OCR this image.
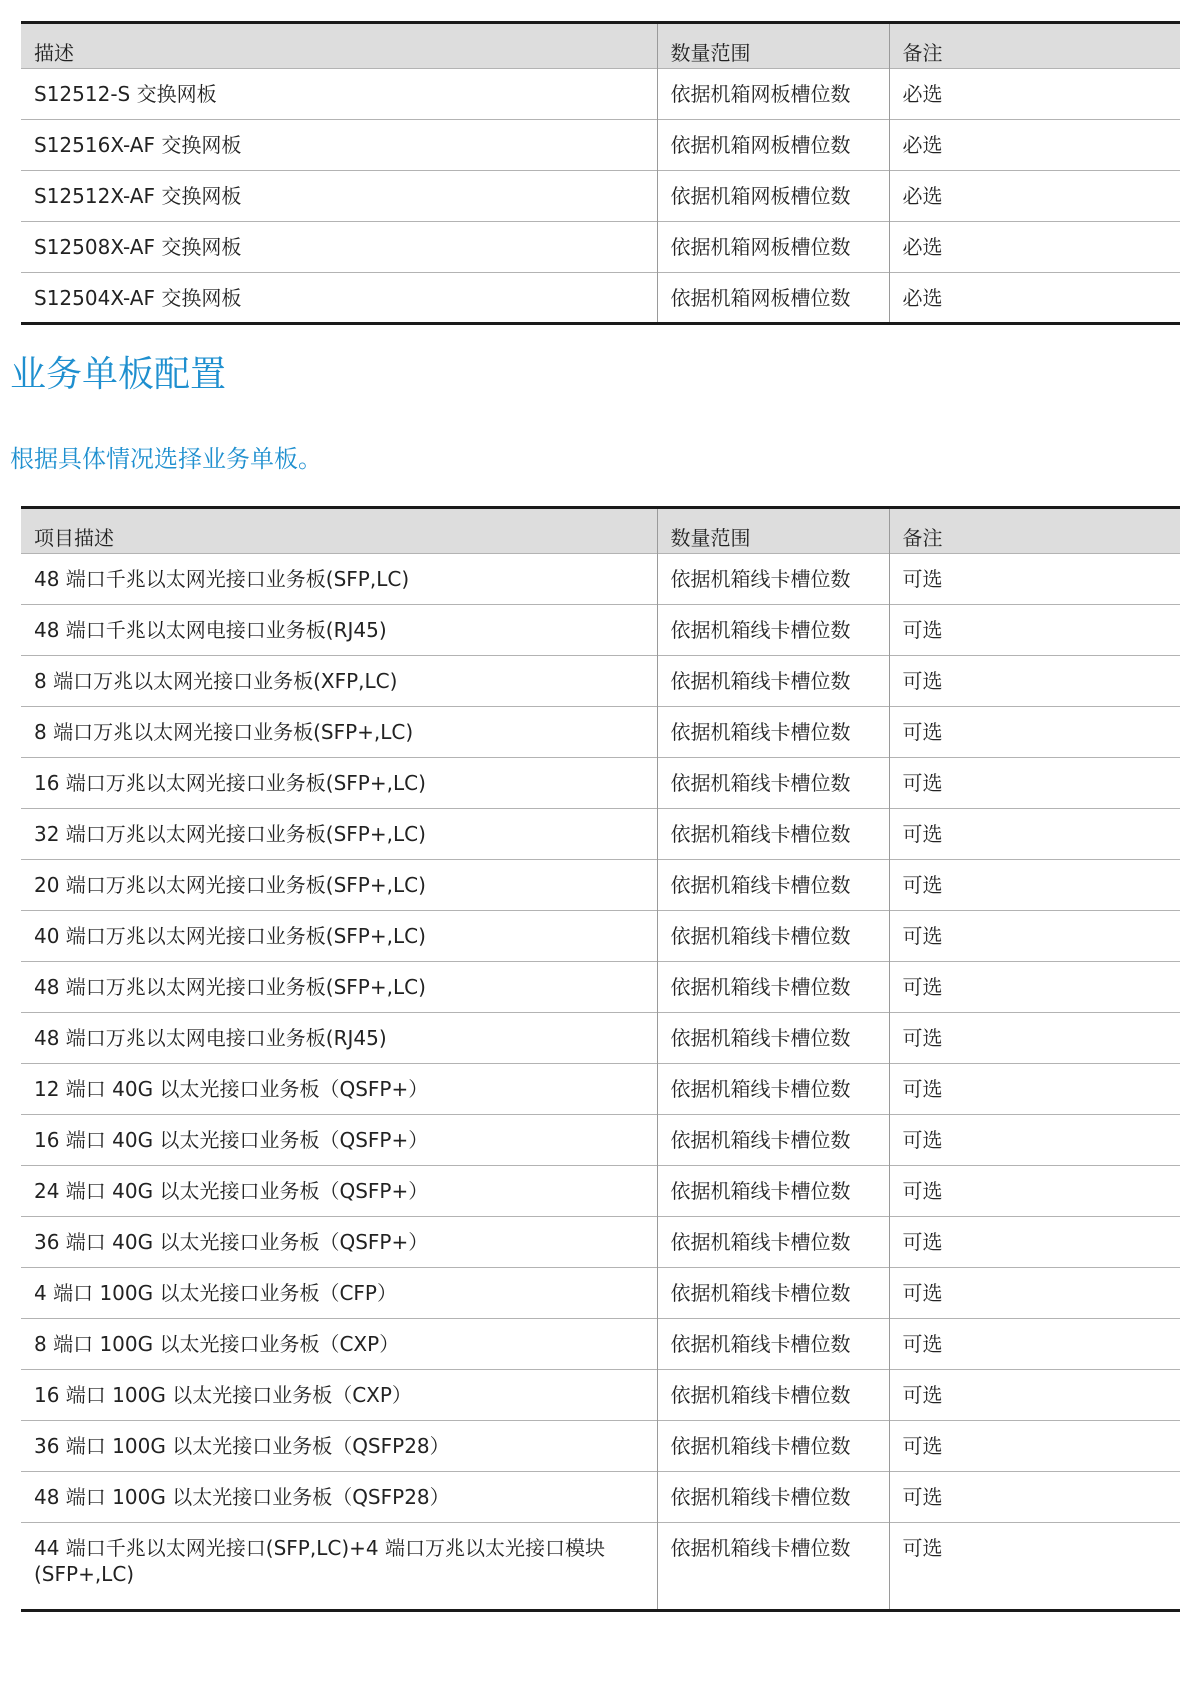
描述	数量范围	备注
S12512-S 交换网板	依据机箱网板槽位数	必选
S12516X-AF 交换网板	依据机箱网板槽位数	必选
S12512X-AF 交换网板	依据机箱网板槽位数	必选
S12508X-AF 交换网板	依据机箱网板槽位数	必选
S12504X-AF 交换网板	依据机箱网板槽位数	必选
业务单板配置

根据具体情况选择业务单板。

项目描述	数量范围	备注
48 端口千兆以太网光接口业务板(SFP,LC)	依据机箱线卡槽位数	可选
48 端口千兆以太网电接口业务板(RJ45)	依据机箱线卡槽位数	可选
8 端口万兆以太网光接口业务板(XFP,LC)	依据机箱线卡槽位数	可选
8 端口万兆以太网光接口业务板(SFP+,LC)	依据机箱线卡槽位数	可选
16 端口万兆以太网光接口业务板(SFP+,LC)	依据机箱线卡槽位数	可选
32 端口万兆以太网光接口业务板(SFP+,LC)	依据机箱线卡槽位数	可选
20 端口万兆以太网光接口业务板(SFP+,LC)	依据机箱线卡槽位数	可选
40 端口万兆以太网光接口业务板(SFP+,LC)	依据机箱线卡槽位数	可选
48 端口万兆以太网光接口业务板(SFP+,LC)	依据机箱线卡槽位数	可选
48 端口万兆以太网电接口业务板(RJ45)	依据机箱线卡槽位数	可选
12 端口 40G 以太光接口业务板（QSFP+）	依据机箱线卡槽位数	可选
16 端口 40G 以太光接口业务板（QSFP+）	依据机箱线卡槽位数	可选
24 端口 40G 以太光接口业务板（QSFP+）	依据机箱线卡槽位数	可选
36 端口 40G 以太光接口业务板（QSFP+）	依据机箱线卡槽位数	可选
4 端口 100G 以太光接口业务板（CFP）	依据机箱线卡槽位数	可选
8 端口 100G 以太光接口业务板（CXP）	依据机箱线卡槽位数	可选
16 端口 100G 以太光接口业务板（CXP）	依据机箱线卡槽位数	可选
36 端口 100G 以太光接口业务板（QSFP28）	依据机箱线卡槽位数	可选
48 端口 100G 以太光接口业务板（QSFP28）	依据机箱线卡槽位数	可选
44 端口千兆以太网光接口(SFP,LC)+4 端口万兆以太光接口模块(SFP+,LC)	依据机箱线卡槽位数	可选
